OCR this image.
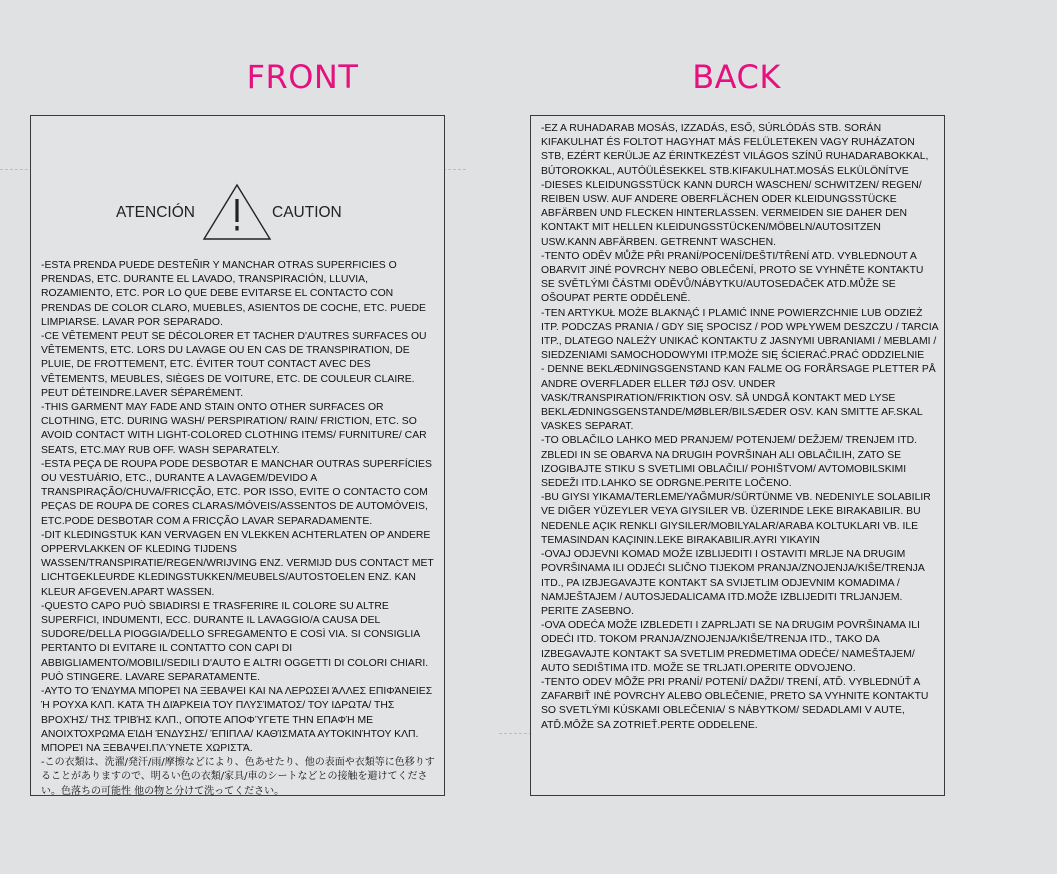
FRONT
ATENCIÓN	CAUTION

-ESTA PRENDA PUEDE DESTEÑIR Y MANCHAR OTRAS SUPERFICIES O PRENDAS, ETC. DURANTE EL LAVADO, TRANSPIRACIÓN, LLUVIA, ROZAMIENTO, ETC. POR LO QUE DEBE EVITARSE EL CONTACTO CON PRENDAS DE COLOR CLARO, MUEBLES, ASIENTOS DE COCHE, ETC. PUEDE LIMPIARSE. LAVAR POR SEPARADO.

-CE VÊTEMENT PEUT SE DÉCOLORER ET TACHER D'AUTRES SURFACES OU VÊTEMENTS, ETC. LORS DU LAVAGE OU EN CAS DE TRANSPIRATION, DE PLUIE, DE FROTTEMENT, ETC. ÉVITER TOUT CONTACT AVEC DES VÊTEMENTS, MEUBLES, SIÈGES DE VOITURE, ETC. DE COULEUR CLAIRE. PEUT DÉTEINDRE.LAVER SÉPARÉMENT.

-THIS GARMENT MAY FADE AND STAIN ONTO OTHER SURFACES OR CLOTHING, ETC. DURING WASH/ PERSPIRATION/ RAIN/ FRICTION, ETC. SO AVOID CONTACT WITH LIGHT-COLORED CLOTHING ITEMS/ FURNITURE/ CAR SEATS, ETC.MAY RUB OFF. WASH SEPARATELY.

-ESTA PEÇA DE ROUPA PODE DESBOTAR E MANCHAR OUTRAS SUPERFÍCIES OU VESTUÁRIO, ETC., DURANTE A LAVAGEM/DEVIDO A TRANSPIRAÇÃO/CHUVA/FRICÇÃO, ETC. POR ISSO, EVITE O CONTACTO COM PEÇAS DE ROUPA DE CORES CLARAS/MÓVEIS/ASSENTOS DE AUTOMÓVEIS, ETC.PODE DESBOTAR COM A FRICÇÃO LAVAR SEPARADAMENTE.

-DIT KLEDINGSTUK KAN VERVAGEN EN VLEKKEN ACHTERLATEN OP ANDERE OPPERVLAKKEN OF KLEDING TIJDENS WASSEN/TRANSPIRATIE/REGEN/WRIJVING ENZ. VERMIJD DUS CONTACT MET LICHTGEKLEURDE KLEDINGSTUKKEN/MEUBELS/AUTOSTOELEN ENZ. KAN KLEUR AFGEVEN.APART WASSEN.

-QUESTO CAPO PUÒ SBIADIRSI E TRASFERIRE IL COLORE SU ALTRE SUPERFICI, INDUMENTI, ECC. DURANTE IL LAVAGGIO/A CAUSA DEL SUDORE/DELLA PIOGGIA/DELLO SFREGAMENTO E COSÌ VIA. SI CONSIGLIA PERTANTO DI EVITARE IL CONTATTO CON CAPI DI ABBIGLIAMENTO/MOBILI/SEDILI D'AUTO E ALTRI OGGETTI DI COLORI CHIARI. PUÒ STINGERE. LAVARE SEPARATAMENTE.

-ΑΥΤΟ ΤΟ ΈΝΔΥΜΑ ΜΠΟΡΕΊ ΝΑ ΞΕΒΑΨΕΙ ΚΑΙ ΝΑ ΛΕΡΩΣΕΙ ΆΛΛΕΣ ΕΠΙΦΆΝΕΙΕΣ Ή ΡΟΥΧΑ ΚΛΠ. ΚΑΤΆ ΤΗ ΔΙΆΡΚΕΙΑ ΤΟΥ ΠΛΥΣΊΜΑΤΟΣ/ ΤΟΥ ΙΔΡΩΤΑ/ ΤΗΣ ΒΡΟΧΉΣ/ ΤΗΣ ΤΡΙΒΉΣ ΚΛΠ., ΟΠΌΤΕ ΑΠΟΦΎΓΕΤΕ ΤΗΝ ΕΠΑΦΉ ΜΕ ΑΝΟΙΧΤΌΧΡΩΜΑ ΕΊΔΗ ΈΝΔΥΣΗΣ/ ΈΠΙΠΛΑ/ ΚΑΘΊΣΜΑΤΑ ΑΥΤΟΚΙΝΉΤΟΥ ΚΛΠ. ΜΠΟΡΕΊ ΝΑ ΞΕΒΑΨΕΙ.ΠΛΎΝΕΤΕ ΧΩΡΙΣΤΆ.

-この衣類は、洗濯/発汗/雨/摩擦などにより、色あせたり、他の表面や衣類等に色移りすることがありますので、明るい色の衣類/家具/車のシートなどとの接触を避けてください。色落ちの可能性 他の物と分けて洗ってください。

BACK

-EZ A RUHADARAB MOSÁS, IZZADÁS, ESŐ, SÚRLÓDÁS STB. SORÁN KIFAKULHAT ÉS FOLTOT HAGYHAT MÁS FELÜLETEKEN VAGY RUHÁZATON STB, EZÉRT KERÜLJE AZ ÉRINTKEZÉST VILÁGOS SZÍNŰ RUHADARABOKKAL, BÚTOROKKAL, AUTÓÜLÉSEKKEL STB.KIFAKULHAT.MOSÁS ELKÜLÖNÍTVE

-DIESES KLEIDUNGSSTÜCK KANN DURCH WASCHEN/ SCHWITZEN/ REGEN/ REIBEN USW. AUF ANDERE OBERFLÄCHEN ODER KLEIDUNGSSTÜCKE ABFÄRBEN UND FLECKEN HINTERLASSEN. VERMEIDEN SIE DAHER DEN KONTAKT MIT HELLEN KLEIDUNGSSTÜCKEN/MÖBELN/AUTOSITZEN USW.KANN ABFÄRBEN. GETRENNT WASCHEN.

-TENTO ODĚV MŮŽE PŘI PRANÍ/POCENÍ/DEŠTI/TŘENÍ ATD. VYBLEDNOUT A OBARVIT JINÉ POVRCHY NEBO OBLEČENÍ, PROTO SE VYHNĚTE KONTAKTU SE SVĚTLÝMI ČÁSTMI ODĚVŮ/NÁBYTKU/AUTOSEDAČEK ATD.MŮŽE SE OŠOUPAT PERTE ODDĚLENĚ.

-TEN ARTYKUŁ MOŻE BLAKNĄĆ I PLAMIĆ INNE POWIERZCHNIE LUB ODZIEŻ ITP. PODCZAS PRANIA / GDY SIĘ SPOCISZ / POD WPŁYWEM DESZCZU / TARCIA ITP., DLATEGO NALEŻY UNIKAĆ KONTAKTU Z JASNYMI UBRANIAMI / MEBLAMI / SIEDZENIAMI SAMOCHODOWYMI ITP.MOŻE SIĘ ŚCIERAĆ.PRAĆ ODDZIELNIE

- DENNE BEKLÆDNINGSGENSTAND KAN FALME OG FORÅRSAGE PLETTER PÅ ANDRE OVERFLADER ELLER TØJ OSV. UNDER VASK/TRANSPIRATION/FRIKTION OSV. SÅ UNDGÅ KONTAKT MED LYSE BEKLÆDNINGSGENSTANDE/MØBLER/BILSÆDER OSV. KAN SMITTE AF.SKAL VASKES SEPARAT.

-TO OBLAČILO LAHKO MED PRANJEM/ POTENJEM/ DEŽJEM/ TRENJEM ITD. ZBLEDI IN SE OBARVA NA DRUGIH POVRŠINAH ALI OBLAČILIH, ZATO SE IZOGIBAJTE STIKU S SVETLIMI OBLAČILI/ POHIŠTVOM/ AVTOMOBILSKIMI SEDEŽI ITD.LAHKO SE ODRGNE.PERITE LOČENO.

-BU GIYSI YIKAMA/TERLEME/YAĞMUR/SÜRTÜNME VB. NEDENIYLE SOLABILIR VE DIĞER YÜZEYLER VEYA GIYSILER VB. ÜZERINDE LEKE BIRAKABILIR. BU NEDENLE AÇIK RENKLI GIYSILER/MOBILYALAR/ARABA KOLTUKLARI VB. ILE TEMASINDAN KAÇININ.LEKE BIRAKABILIR.AYRI YIKAYIN

-OVAJ ODJEVNI KOMAD MOŽE IZBLIJEDITI I OSTAVITI MRLJE NA DRUGIM POVRŠINAMA ILI ODJEĆI SLIČNO TIJEKOM PRANJA/ZNOJENJA/KIŠE/TRENJA ITD., PA IZBJEGAVAJTE KONTAKT SA SVIJETLIM ODJEVNIM KOMADIMA / NAMJEŠTAJEM / AUTOSJEDALICAMA ITD.MOŽE IZBLIJEDITI TRLJANJEM. PERITE ZASEBNO.

-OVA ODEĆA MOŽE IZBLEDETI I ZAPRLJATI SE NA DRUGIM POVRŠINAMA ILI ODEĆI ITD. TOKOM PRANJA/ZNOJENJA/KIŠE/TRENJA ITD., TAKO DA IZBEGAVAJTE KONTAKT SA SVETLIM PREDMETIMA ODEĆE/ NAMEŠTAJEM/ AUTO SEDIŠTIMA ITD. MOŽE SE TRLJATI.OPERITE ODVOJENO.

-TENTO ODEV MÔŽE PRI PRANÍ/ POTENÍ/ DAŽDI/ TRENÍ, ATĎ. VYBLEDNÚŤ A ZAFARBIŤ INÉ POVRCHY ALEBO OBLEČENIE, PRETO SA VYHNITE KONTAKTU SO SVETLÝMI KÚSKAMI OBLEČENIA/ S NÁBYTKOM/ SEDADLAMI V AUTE, ATĎ.MÔŽE SA ZOTRIEŤ.PERTE ODDELENE.
